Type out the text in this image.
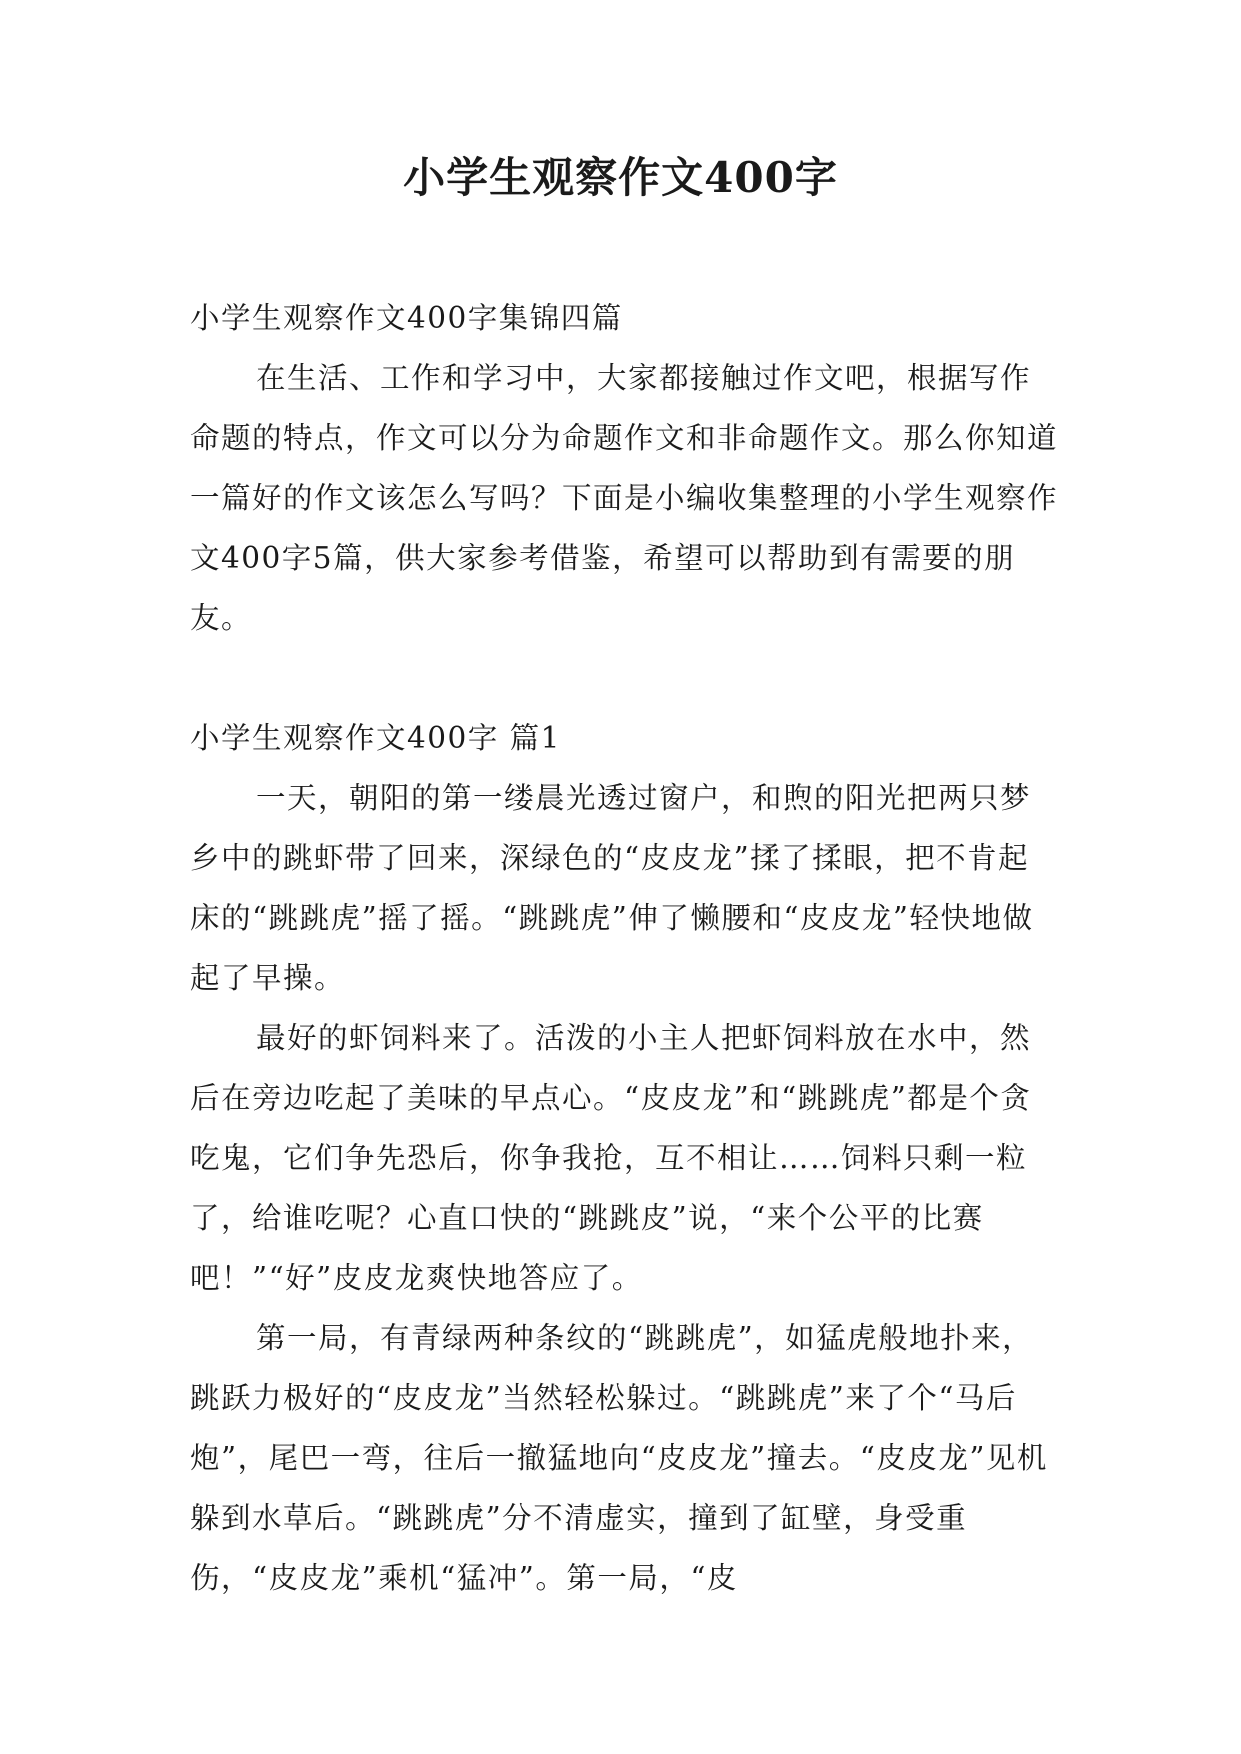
小学生观察作文400字

小学生观察作文400字集锦四篇

在生活、工作和学习中，大家都接触过作文吧，根据写作命题的特点，作文可以分为命题作文和非命题作文。那么你知道一篇好的作文该怎么写吗？下面是小编收集整理的小学生观察作文400字5篇，供大家参考借鉴，希望可以帮助到有需要的朋友。

小学生观察作文400字 篇1

一天，朝阳的第一缕晨光透过窗户，和煦的阳光把两只梦乡中的跳虾带了回来，深绿色的“皮皮龙”揉了揉眼，把不肯起床的“跳跳虎”摇了摇。“跳跳虎”伸了懒腰和“皮皮龙”轻快地做起了早操。

最好的虾饲料来了。活泼的小主人把虾饲料放在水中，然后在旁边吃起了美味的早点心。“皮皮龙”和“跳跳虎”都是个贪吃鬼，它们争先恐后，你争我抢，互不相让……饲料只剩一粒了，给谁吃呢？心直口快的“跳跳皮”说，“来个公平的比赛吧！”“好”皮皮龙爽快地答应了。

第一局，有青绿两种条纹的“跳跳虎”，如猛虎般地扑来，跳跃力极好的“皮皮龙”当然轻松躲过。“跳跳虎”来了个“马后炮”，尾巴一弯，往后一撤猛地向“皮皮龙”撞去。“皮皮龙”见机躲到水草后。“跳跳虎”分不清虚实，撞到了缸壁，身受重伤，“皮皮龙”乘机“猛冲”。第一局，“皮
